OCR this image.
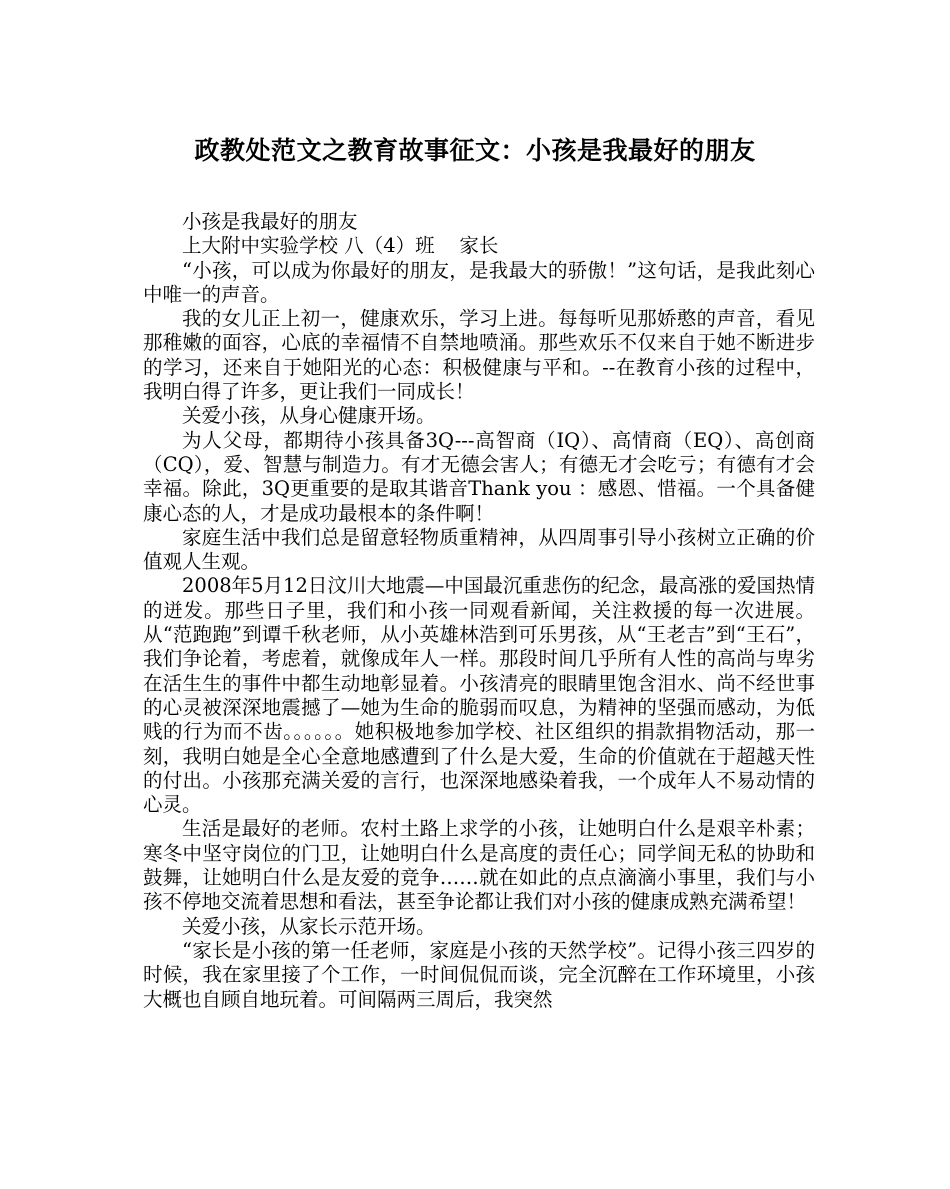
政教处范文之教育故事征文：小孩是我最好的朋友

小孩是我最好的朋友

上大附中实验学校 八（4）班    家长

“小孩，可以成为你最好的朋友，是我最大的骄傲！”这句话，是我此刻心中唯一的声音。

我的女儿正上初一，健康欢乐，学习上进。每每听见那娇憨的声音，看见那稚嫩的面容，心底的幸福情不自禁地喷涌。那些欢乐不仅来自于她不断进步的学习，还来自于她阳光的心态：积极健康与平和。--在教育小孩的过程中，我明白得了许多，更让我们一同成长！

关爱小孩，从身心健康开场。

为人父母，都期待小孩具备3Q---高智商（IQ）、高情商（EQ）、高创商（CQ），爱、智慧与制造力。有才无德会害人；有德无才会吃亏；有德有才会幸福。除此，3Q更重要的是取其谐音Thank you ：感恩、惜福。一个具备健康心态的人，才是成功最根本的条件啊！

家庭生活中我们总是留意轻物质重精神，从四周事引导小孩树立正确的价值观人生观。

2008年5月12日汶川大地震—中国最沉重悲伤的纪念，最高涨的爱国热情的迸发。那些日子里，我们和小孩一同观看新闻，关注救援的每一次进展。从“范跑跑”到谭千秋老师，从小英雄林浩到可乐男孩，从“王老吉”到“王石”，我们争论着，考虑着，就像成年人一样。那段时间几乎所有人性的高尚与卑劣在活生生的事件中都生动地彰显着。小孩清亮的眼睛里饱含泪水、尚不经世事的心灵被深深地震撼了—她为生命的脆弱而叹息，为精神的坚强而感动，为低贱的行为而不齿。。。。。。她积极地参加学校、社区组织的捐款捐物活动，那一刻，我明白她是全心全意地感遭到了什么是大爱，生命的价值就在于超越天性的付出。小孩那充满关爱的言行，也深深地感染着我，一个成年人不易动情的心灵。

生活是最好的老师。农村土路上求学的小孩，让她明白什么是艰辛朴素；寒冬中坚守岗位的门卫，让她明白什么是高度的责任心；同学间无私的协助和鼓舞，让她明白什么是友爱的竞争……就在如此的点点滴滴小事里，我们与小孩不停地交流着思想和看法，甚至争论都让我们对小孩的健康成熟充满希望！

关爱小孩，从家长示范开场。

“家长是小孩的第一任老师，家庭是小孩的天然学校”。记得小孩三四岁的时候，我在家里接了个工作，一时间侃侃而谈，完全沉醉在工作环境里，小孩大概也自顾自地玩着。可间隔两三周后，我突然
